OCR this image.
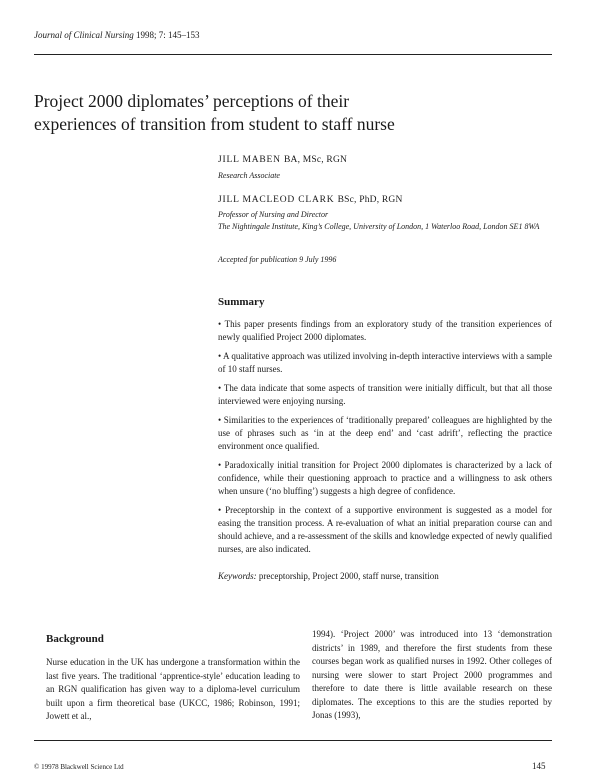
Journal of Clinical Nursing 1998; 7: 145–153
Project 2000 diplomates’ perceptions of their
experiences of transition from student to staff nurse
JILL MABEN BA, MSc, RGN
Research Associate
JILL MACLEOD CLARK BSc, PhD, RGN
Professor of Nursing and Director
The Nightingale Institute, King’s College, University of London, 1 Waterloo Road, London SE1 8WA
Accepted for publication 9 July 1996
Summary

• This paper presents findings from an exploratory study of the transition experiences of newly qualified Project 2000 diplomates.

• A qualitative approach was utilized involving in-depth interactive interviews with a sample of 10 staff nurses.

• The data indicate that some aspects of transition were initially difficult, but that all those interviewed were enjoying nursing.

• Similarities to the experiences of ‘traditionally prepared’ colleagues are highlighted by the use of phrases such as ‘in at the deep end’ and ‘cast adrift’, reflecting the practice environment once qualified.

• Paradoxically initial transition for Project 2000 diplomates is characterized by a lack of confidence, while their questioning approach to practice and a willingness to ask others when unsure (‘no bluffing’) suggests a high degree of confidence.

• Preceptorship in the context of a supportive environment is suggested as a model for easing the transition process. A re-evaluation of what an initial preparation course can and should achieve, and a re-assessment of the skills and knowledge expected of newly qualified nurses, are also indicated.

Keywords: preceptorship, Project 2000, staff nurse, transition
Background
Nurse education in the UK has undergone a transformation within the last five years. The traditional ‘apprentice-style’ education leading to an RGN qualification has given way to a diploma-level curriculum built upon a firm theoretical base (UKCC, 1986; Robinson, 1991; Jowett et al.,
1994). ‘Project 2000’ was introduced into 13 ‘demonstration districts’ in 1989, and therefore the first students from these courses began work as qualified nurses in 1992. Other colleges of nursing were slower to start Project 2000 programmes and therefore to date there is little available research on these diplomates. The exceptions to this are the studies reported by Jonas (1993),
© 19978 Blackwell Science Ltd	145
